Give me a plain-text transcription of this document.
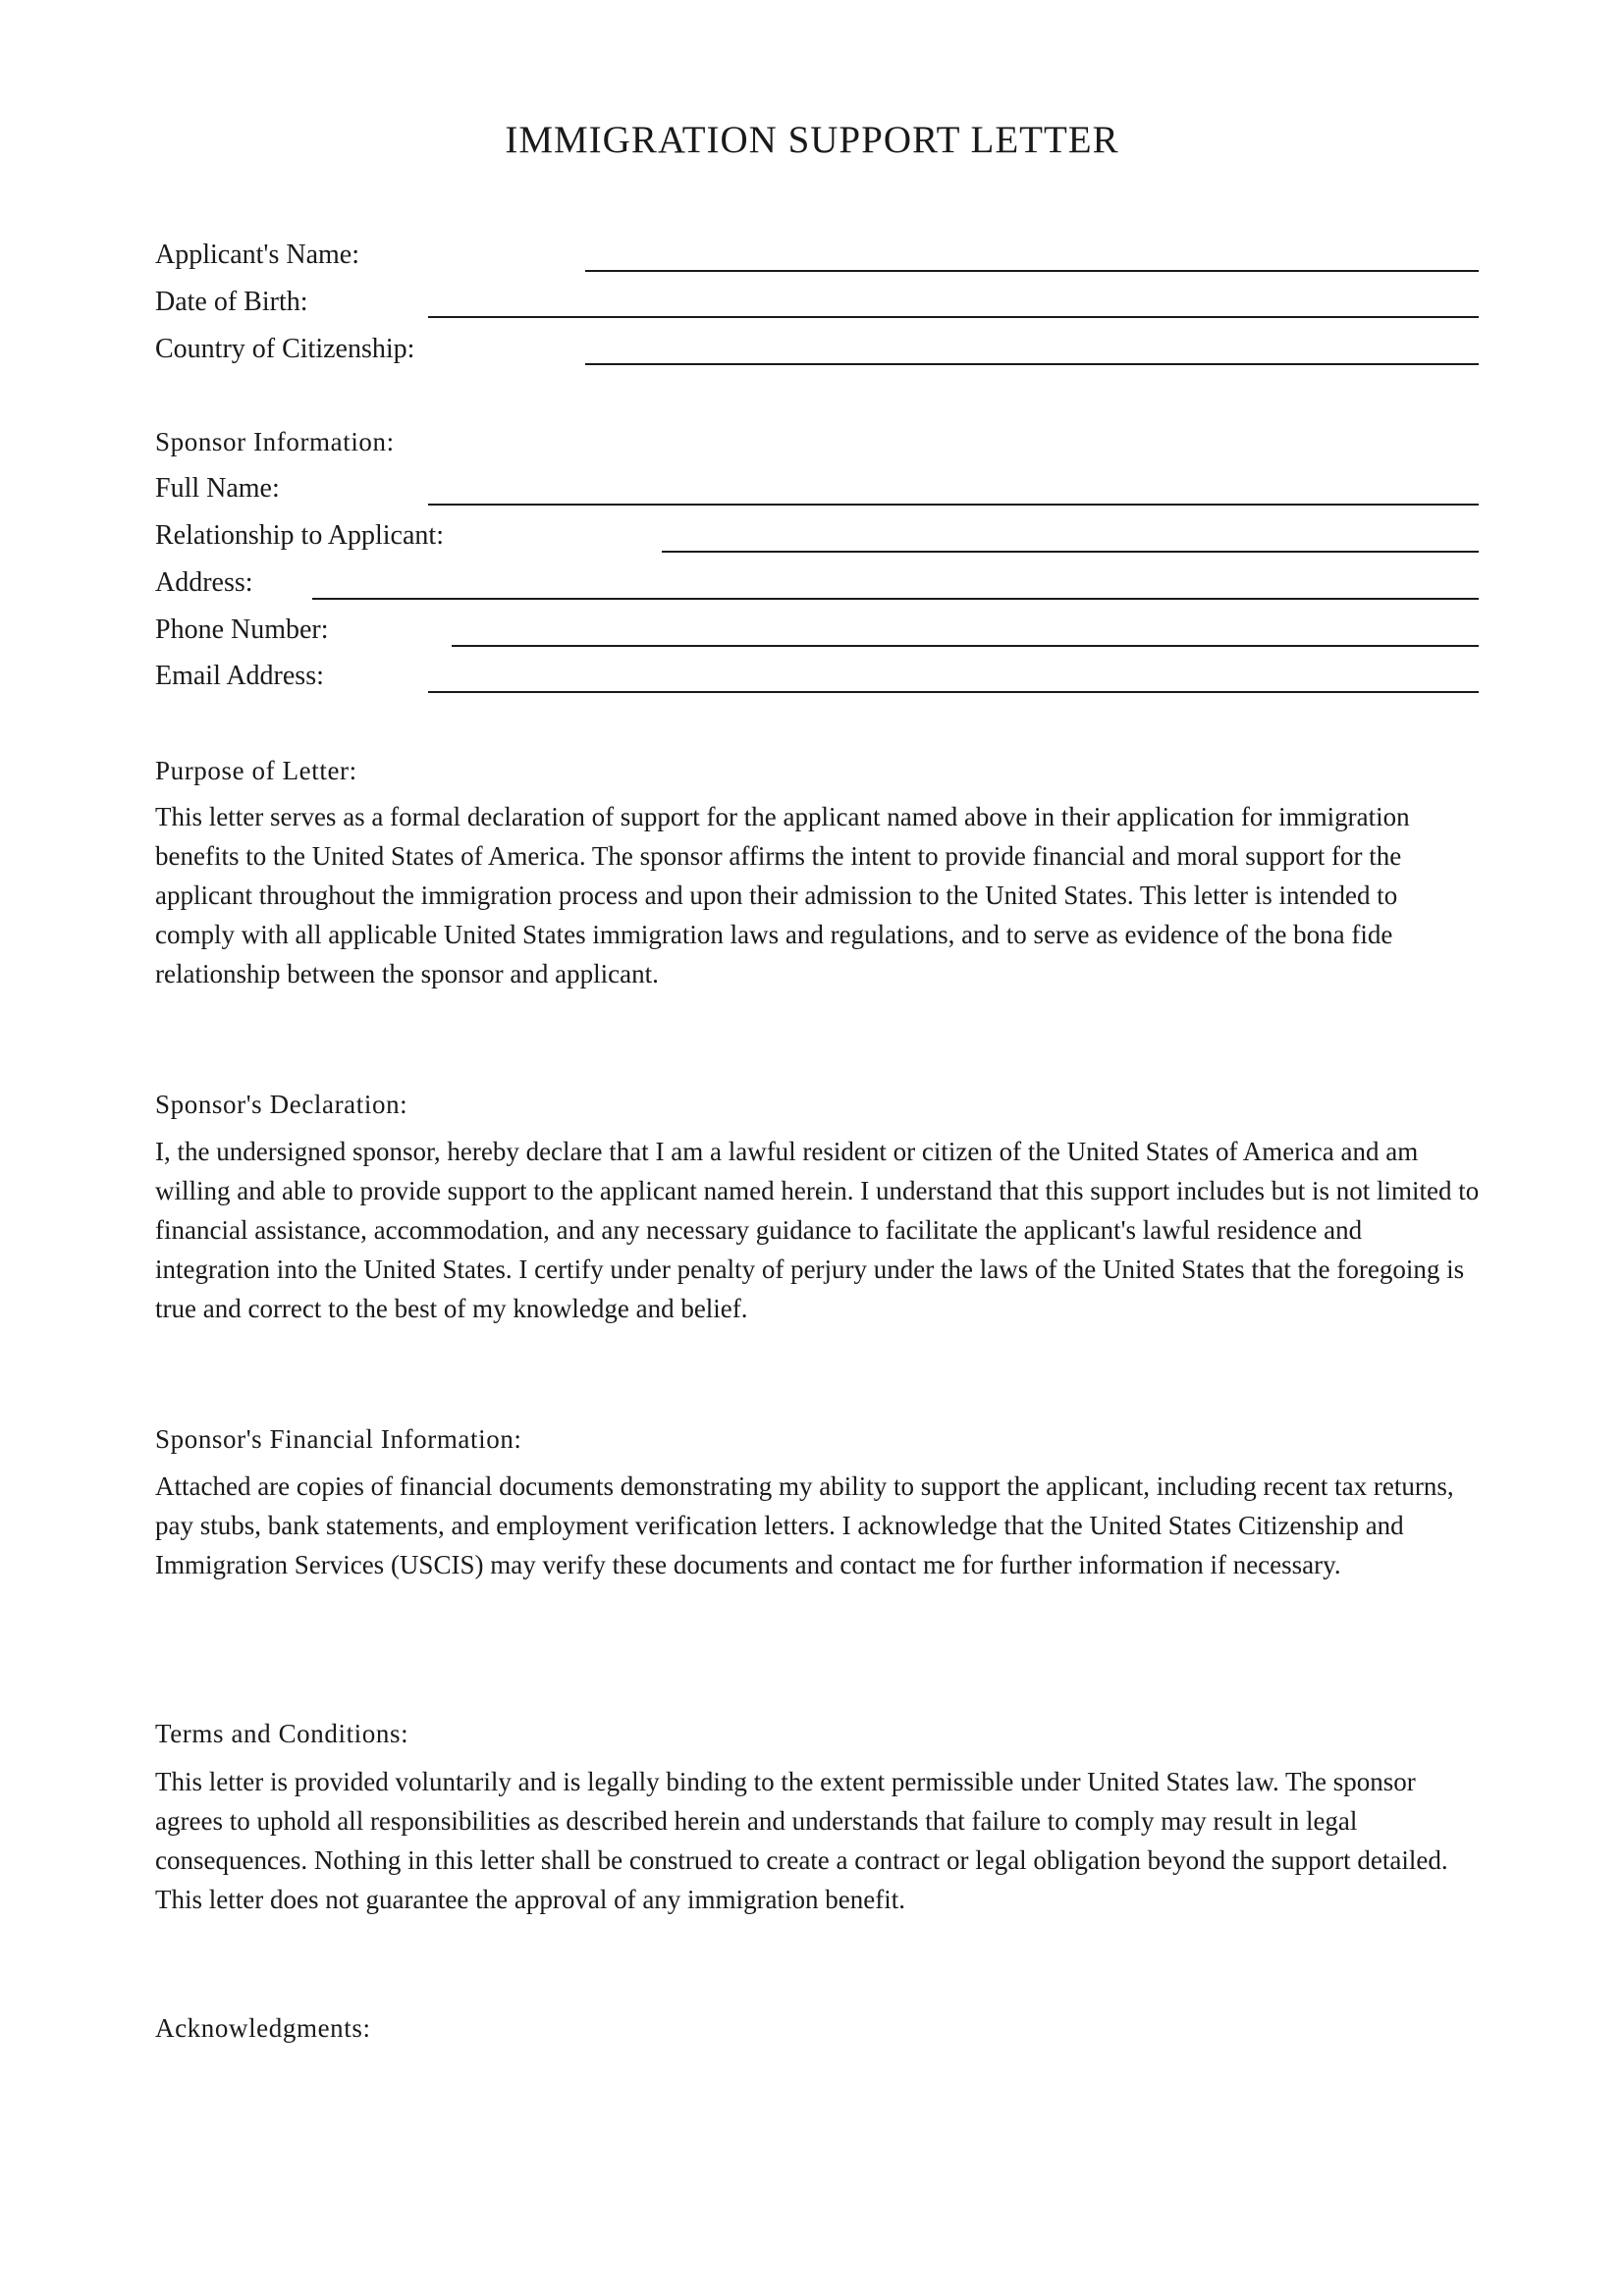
IMMIGRATION SUPPORT LETTER
Applicant's Name:
Date of Birth:
Country of Citizenship:
Sponsor Information:
Full Name:
Relationship to Applicant:
Address:
Phone Number:
Email Address:
Purpose of Letter:

This letter serves as a formal declaration of support for the applicant named above in their application for immigration benefits to the United States of America. The sponsor affirms the intent to provide financial and moral support for the applicant throughout the immigration process and upon their admission to the United States. This letter is intended to comply with all applicable United States immigration laws and regulations, and to serve as evidence of the bona fide relationship between the sponsor and applicant.

Sponsor's Declaration:

I, the undersigned sponsor, hereby declare that I am a lawful resident or citizen of the United States of America and am willing and able to provide support to the applicant named herein. I understand that this support includes but is not limited to financial assistance, accommodation, and any necessary guidance to facilitate the applicant's lawful residence and integration into the United States. I certify under penalty of perjury under the laws of the United States that the foregoing is true and correct to the best of my knowledge and belief.

Sponsor's Financial Information:

Attached are copies of financial documents demonstrating my ability to support the applicant, including recent tax returns, pay stubs, bank statements, and employment verification letters. I acknowledge that the United States Citizenship and Immigration Services (USCIS) may verify these documents and contact me for further information if necessary.

Terms and Conditions:

This letter is provided voluntarily and is legally binding to the extent permissible under United States law. The sponsor agrees to uphold all responsibilities as described herein and understands that failure to comply may result in legal consequences. Nothing in this letter shall be construed to create a contract or legal obligation beyond the support detailed. This letter does not guarantee the approval of any immigration benefit.

Acknowledgments:
